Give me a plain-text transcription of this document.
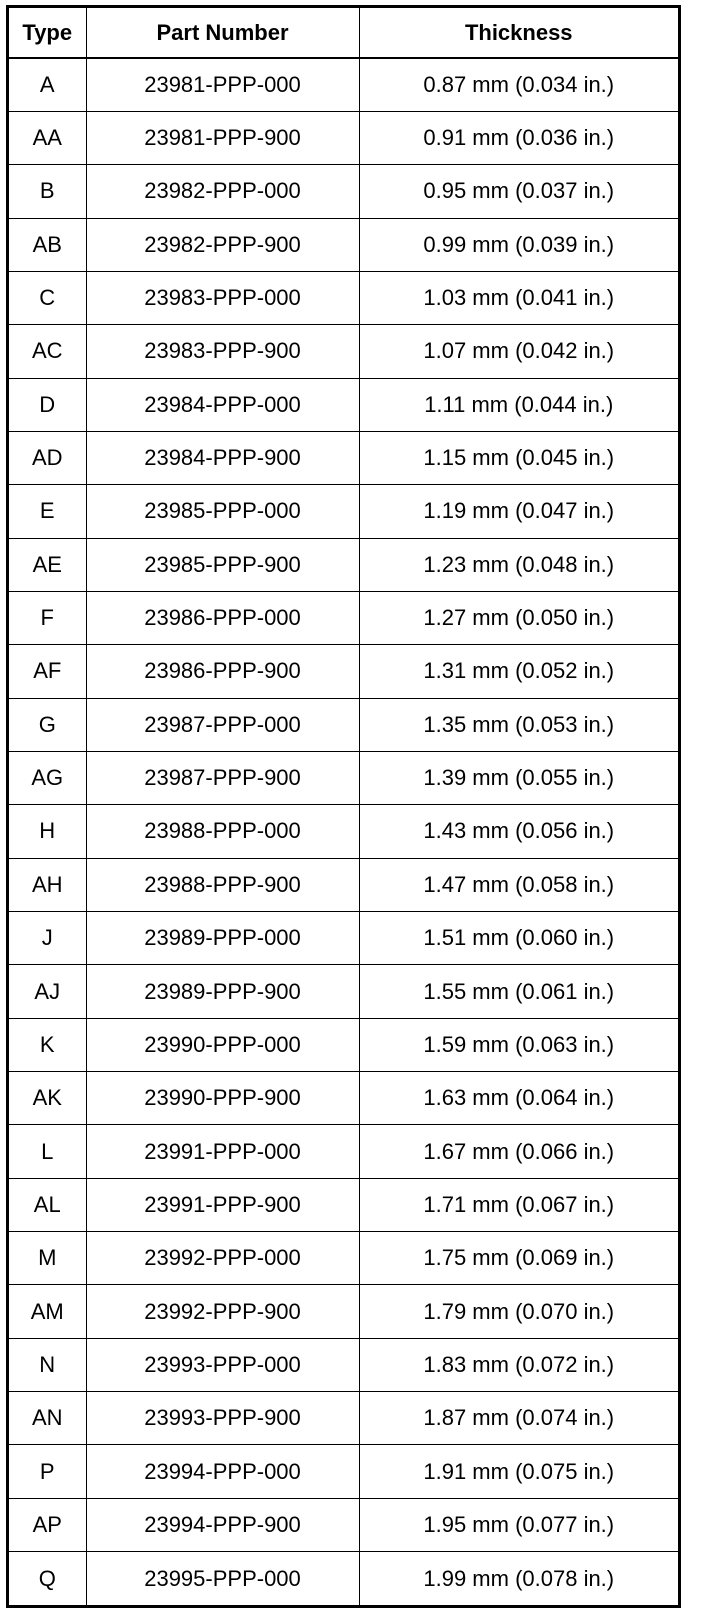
Type	Part Number	Thickness
A	23981-PPP-000	0.87 mm (0.034 in.)
AA	23981-PPP-900	0.91 mm (0.036 in.)
B	23982-PPP-000	0.95 mm (0.037 in.)
AB	23982-PPP-900	0.99 mm (0.039 in.)
C	23983-PPP-000	1.03 mm (0.041 in.)
AC	23983-PPP-900	1.07 mm (0.042 in.)
D	23984-PPP-000	1.11 mm (0.044 in.)
AD	23984-PPP-900	1.15 mm (0.045 in.)
E	23985-PPP-000	1.19 mm (0.047 in.)
AE	23985-PPP-900	1.23 mm (0.048 in.)
F	23986-PPP-000	1.27 mm (0.050 in.)
AF	23986-PPP-900	1.31 mm (0.052 in.)
G	23987-PPP-000	1.35 mm (0.053 in.)
AG	23987-PPP-900	1.39 mm (0.055 in.)
H	23988-PPP-000	1.43 mm (0.056 in.)
AH	23988-PPP-900	1.47 mm (0.058 in.)
J	23989-PPP-000	1.51 mm (0.060 in.)
AJ	23989-PPP-900	1.55 mm (0.061 in.)
K	23990-PPP-000	1.59 mm (0.063 in.)
AK	23990-PPP-900	1.63 mm (0.064 in.)
L	23991-PPP-000	1.67 mm (0.066 in.)
AL	23991-PPP-900	1.71 mm (0.067 in.)
M	23992-PPP-000	1.75 mm (0.069 in.)
AM	23992-PPP-900	1.79 mm (0.070 in.)
N	23993-PPP-000	1.83 mm (0.072 in.)
AN	23993-PPP-900	1.87 mm (0.074 in.)
P	23994-PPP-000	1.91 mm (0.075 in.)
AP	23994-PPP-900	1.95 mm (0.077 in.)
Q	23995-PPP-000	1.99 mm (0.078 in.)
